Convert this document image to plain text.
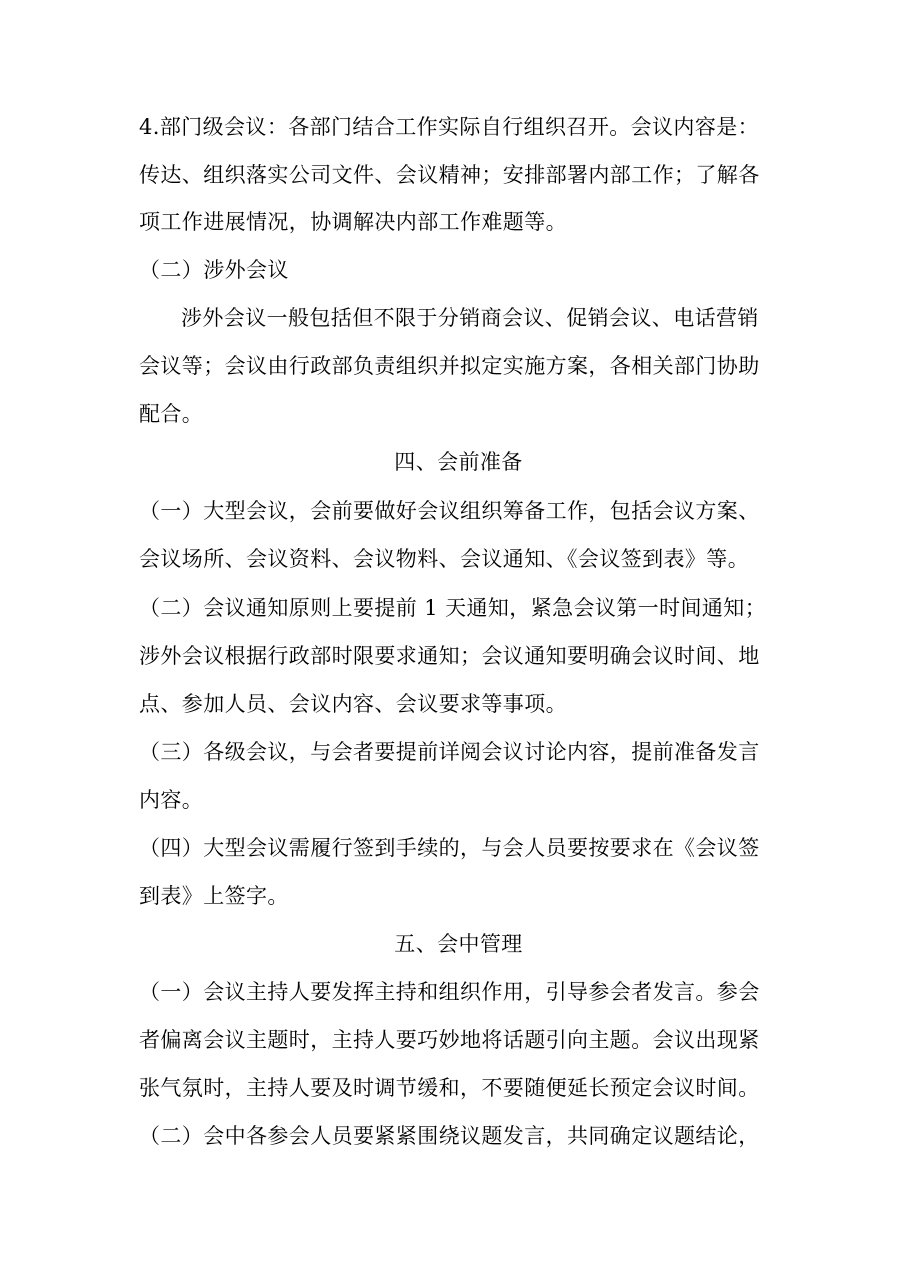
4.部门级会议：各部门结合工作实际自行组织召开。会议内容是：
传达、组织落实公司文件、会议精神；安排部署内部工作；了解各
项工作进展情况，协调解决内部工作难题等。
（二）涉外会议
涉外会议一般包括但不限于分销商会议、促销会议、电话营销
会议等；会议由行政部负责组织并拟定实施方案，各相关部门协助
配合。
四、会前准备
（一）大型会议，会前要做好会议组织筹备工作，包括会议方案、
会议场所、会议资料、会议物料、会议通知、《会议签到表》等。
（二）会议通知原则上要提前 1 天通知，紧急会议第一时间通知；
涉外会议根据行政部时限要求通知；会议通知要明确会议时间、地
点、参加人员、会议内容、会议要求等事项。
（三）各级会议，与会者要提前详阅会议讨论内容，提前准备发言
内容。
（四）大型会议需履行签到手续的，与会人员要按要求在《会议签
到表》上签字。
五、会中管理
（一）会议主持人要发挥主持和组织作用，引导参会者发言。参会
者偏离会议主题时，主持人要巧妙地将话题引向主题。会议出现紧
张气氛时，主持人要及时调节缓和，不要随便延长预定会议时间。
（二）会中各参会人员要紧紧围绕议题发言，共同确定议题结论，
